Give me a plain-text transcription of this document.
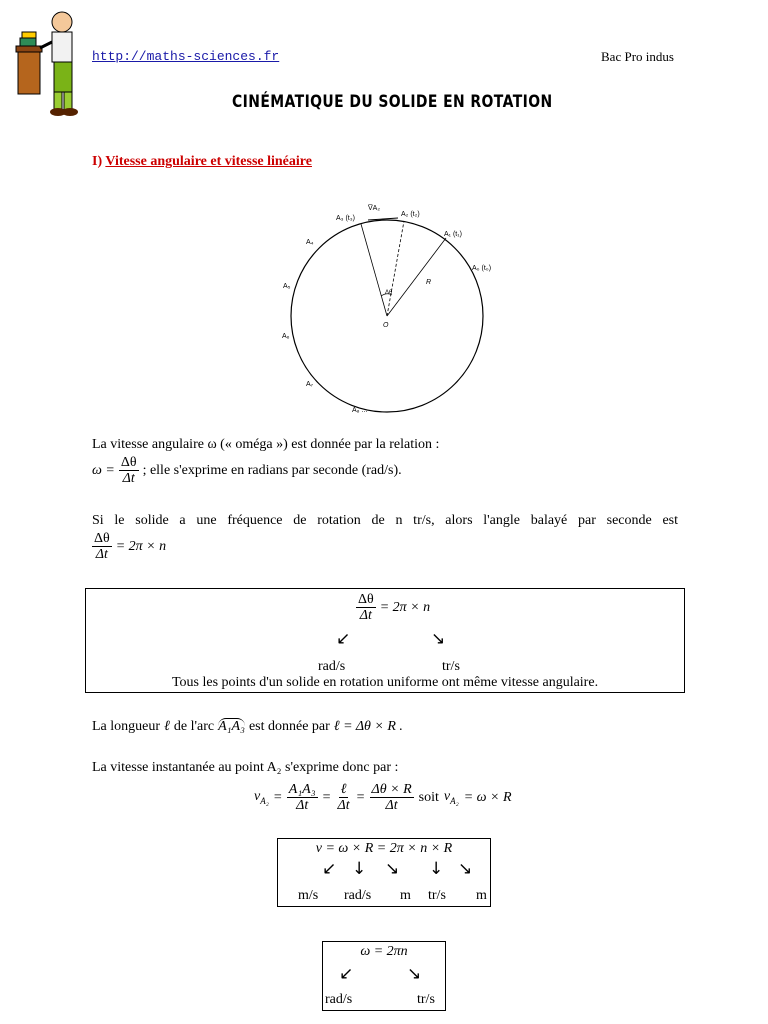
http://maths-sciences.fr	Bac Pro indus
CINÉMATIQUE DU SOLIDE EN ROTATION
I) Vitesse angulaire et vitesse linéaire
A₃ (t₃)
V̅A₂
A₂ (t₂)
A₁ (t₁)
A₀ (t₀)
A₄
A₅
A₆
A₇
A₈ ...
R
O
Δθ
La vitesse angulaire ω (« oméga ») est donnée par la relation :
$\omega = \frac{\Delta\theta}{\Delta t}$ ; elle s'exprime en radians par seconde (rad/s).
Si le solide a une fréquence de rotation de n tr/s, alors l'angle balayé par seconde est
$\frac{\Delta\theta}{\Delta t} = 2\pi \times n$
$\frac{\Delta\theta}{\Delta t} = 2\pi \times n$
↙	↘
rad/s	tr/s
Tous les points d'un solide en rotation uniforme ont même vitesse angulaire.
La longueur ℓ de l'arc A₁A₃ est donnée par ℓ = Δθ × R .
La vitesse instantanée au point A₂ s'exprime donc par :
$v_{A_2} = \frac{\text{A₁A₃}}{\Delta t} = \frac{\text{ℓ}}{\Delta t} = \frac{\Delta\theta \times R}{\Delta t}$ soit $v_{A_2} = \omega \times R$
v = ω × R = 2π × n × R
↙ ↓ ↘ ↓ ↘
m/s rad/s m tr/s m
ω = 2πn
↙	↘
rad/s	tr/s
